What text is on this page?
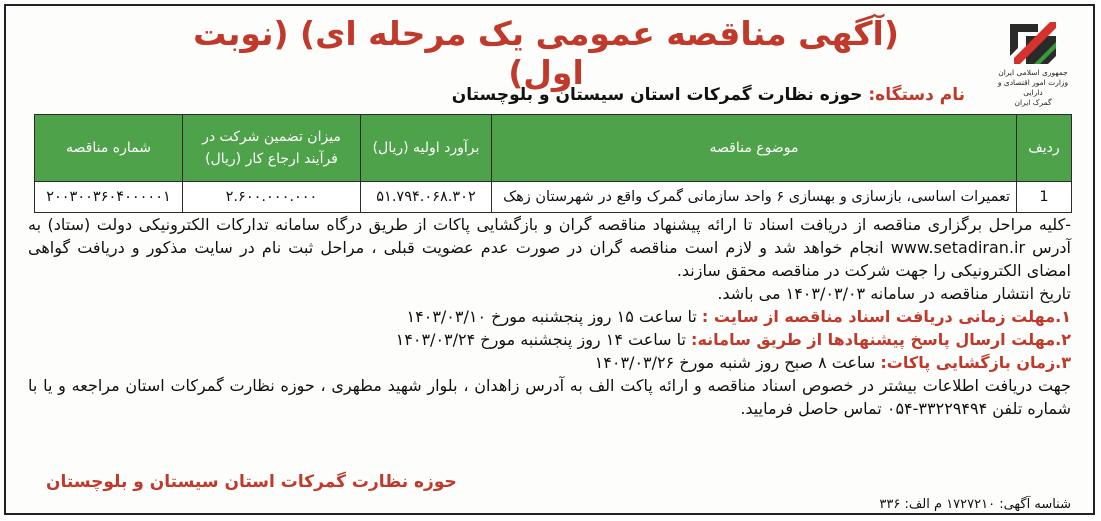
جمهوری اسلامی ایران
وزارت امور اقتصادی و دارایی
گمرک ایران
(آگهی مناقصه عمومی یک مرحله ای) (نوبت اول)
نام دستگاه: حوزه نظارت گمرکات استان سیستان و بلوچستان
ردیف	موضوع مناقصه	برآورد اولیه (ریال)	میزان تضمین شرکت در فرآیند ارجاع کار (ریال)	شماره مناقصه
1	تعمیرات اساسی، بازسازی و بهسازی ۶ واحد سازمانی گمرک واقع در شهرستان زهک	۵۱.۷۹۴.۰۶۸.۳۰۲	۲.۶۰۰.۰۰۰.۰۰۰	۲۰۰۳۰۰۳۶۰۴۰۰۰۰۰۱

-کلیه مراحل برگزاری مناقصه از دریافت اسناد تا ارائه پیشنهاد مناقصه گران و بازگشایی پاکات از طریق درگاه سامانه تدارکات الکترونیکی دولت (ستاد) به آدرس www.setadiran.ir انجام خواهد شد و لازم است مناقصه گران در صورت عدم عضویت قبلی ، مراحل ثبت نام در سایت مذکور و دریافت گواهی امضای الکترونیکی را جهت شرکت در مناقصه محقق سازند.

تاریخ انتشار مناقصه در سامانه ۱۴۰۳/۰۳/۰۳ می باشد.

۱.مهلت زمانی دریافت اسناد مناقصه از سایت : تا ساعت ۱۵ روز پنجشنبه مورخ ۱۴۰۳/۰۳/۱۰

۲.مهلت ارسال پاسخ پیشنهادها از طریق سامانه: تا ساعت ۱۴ روز پنجشنبه مورخ ۱۴۰۳/۰۳/۲۴

۳.زمان بازگشایی پاکات: ساعت ۸ صبح روز شنبه مورخ ۱۴۰۳/۰۳/۲۶

جهت دریافت اطلاعات بیشتر در خصوص اسناد مناقصه و ارائه پاکت الف به آدرس زاهدان ، بلوار شهید مطهری ، حوزه نظارت گمرکات استان مراجعه و یا با شماره تلفن ۳۳۲۲۹۴۹۴-۰۵۴ تماس حاصل فرمایید.

حوزه نظارت گمرکات استان سیستان و بلوچستان
شناسه آگهی: ۱۷۲۷۲۱۰ م الف: ۳۳۶
